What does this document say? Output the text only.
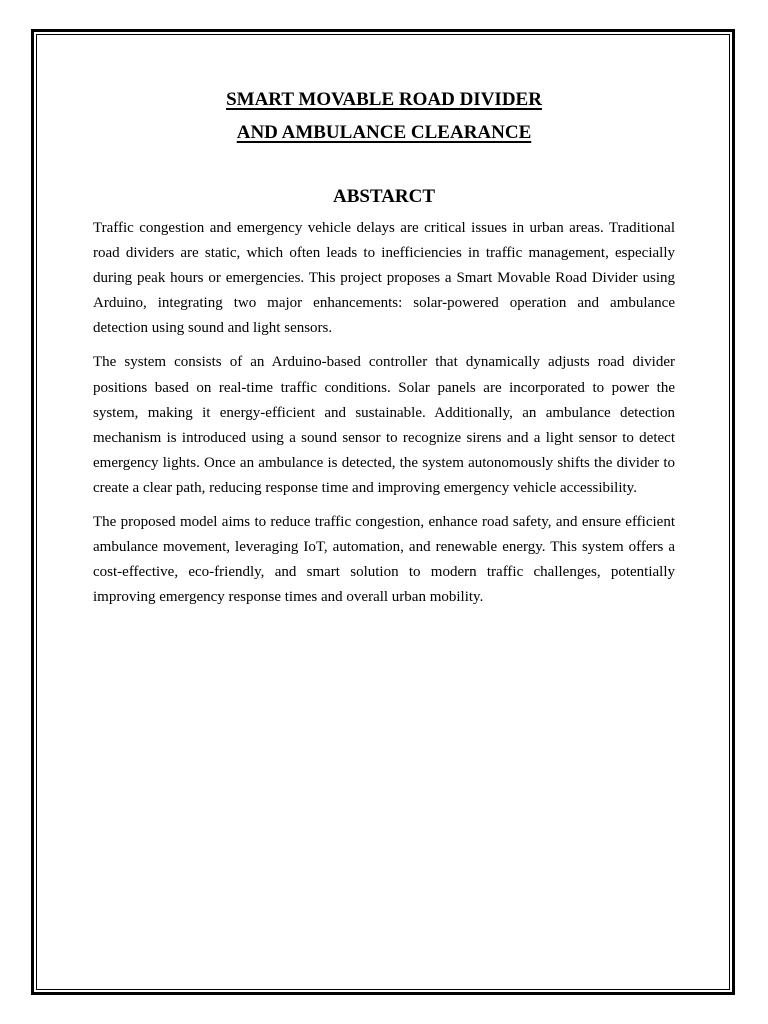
SMART MOVABLE ROAD DIVIDER
AND AMBULANCE CLEARANCE
ABSTARCT

Traffic congestion and emergency vehicle delays are critical issues in urban areas. Traditional road dividers are static, which often leads to inefficiencies in traffic management, especially during peak hours or emergencies. This project proposes a Smart Movable Road Divider using Arduino, integrating two major enhancements: solar-powered operation and ambulance detection using sound and light sensors.

The system consists of an Arduino-based controller that dynamically adjusts road divider positions based on real-time traffic conditions. Solar panels are incorporated to power the system, making it energy-efficient and sustainable. Additionally, an ambulance detection mechanism is introduced using a sound sensor to recognize sirens and a light sensor to detect emergency lights. Once an ambulance is detected, the system autonomously shifts the divider to create a clear path, reducing response time and improving emergency vehicle accessibility.

The proposed model aims to reduce traffic congestion, enhance road safety, and ensure efficient ambulance movement, leveraging IoT, automation, and renewable energy. This system offers a cost-effective, eco-friendly, and smart solution to modern traffic challenges, potentially improving emergency response times and overall urban mobility.
